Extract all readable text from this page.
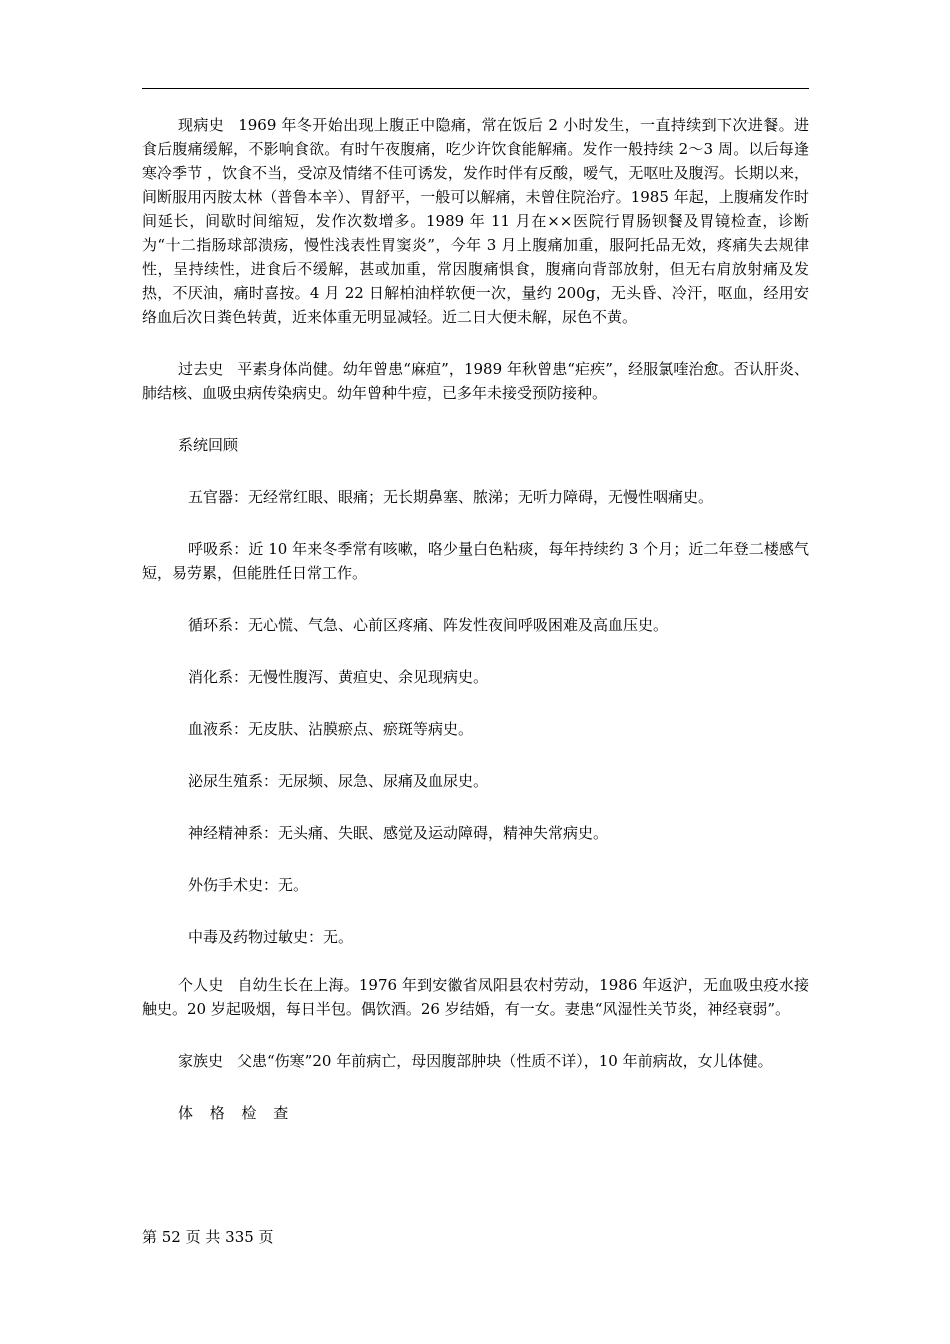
现病史 1969 年冬开始出现上腹正中隐痛，常在饭后 2 小时发生，一直持续到下次进餐。进食后腹痛缓解，不影响食欲。有时午夜腹痛，吃少许饮食能解痛。发作一般持续 2～3 周。以后每逢寒冷季节 ，饮食不当，受凉及情绪不佳可诱发，发作时伴有反酸，嗳气，无呕吐及腹泻。长期以来，间断服用丙胺太林（普鲁本辛）、胃舒平，一般可以解痛，未曾住院治疗。1985 年起，上腹痛发作时间延长，间歇时间缩短，发作次数增多。1989 年 11 月在××医院行胃肠钡餐及胃镜检查，诊断为“十二指肠球部溃疡，慢性浅表性胃窦炎”，今年 3 月上腹痛加重，服阿托品无效，疼痛失去规律性，呈持续性，进食后不缓解，甚或加重，常因腹痛惧食，腹痛向背部放射，但无右肩放射痛及发热，不厌油，痛时喜按。4 月 22 日解柏油样软便一次，量约 200g，无头昏、冷汗，呕血，经用安络血后次日粪色转黄，近来体重无明显减轻。近二日大便未解，尿色不黄。

过去史 平素身体尚健。幼年曾患“麻疸”，1989 年秋曾患“疟疾”，经服氯喹治愈。否认肝炎、肺结核、血吸虫病传染病史。幼年曾种牛痘，已多年未接受预防接种。

系统回顾

五官器：无经常红眼、眼痛；无长期鼻塞、脓涕；无听力障碍，无慢性咽痛史。

呼吸系：近 10 年来冬季常有咳嗽，咯少量白色粘痰，每年持续约 3 个月；近二年登二楼感气短，易劳累，但能胜任日常工作。

循环系：无心慌、气急、心前区疼痛、阵发性夜间呼吸困难及高血压史。

消化系：无慢性腹泻、黄疸史、余见现病史。

血液系：无皮肤、沾膜瘀点、瘀斑等病史。

泌尿生殖系：无尿频、尿急、尿痛及血尿史。

神经精神系：无头痛、失眠、感觉及运动障碍，精神失常病史。

外伤手术史：无。

中毒及药物过敏史：无。

个人史 自幼生长在上海。1976 年到安徽省凤阳县农村劳动，1986 年返沪，无血吸虫疫水接触史。20 岁起吸烟，每日半包。偶饮酒。26 岁结婚，有一女。妻患“风湿性关节炎，神经衰弱”。

家族史 父患“伤寒”20 年前病亡，母因腹部肿块（性质不详），10 年前病故，女儿体健。

体 格 检 查

第 52 页 共 335 页
